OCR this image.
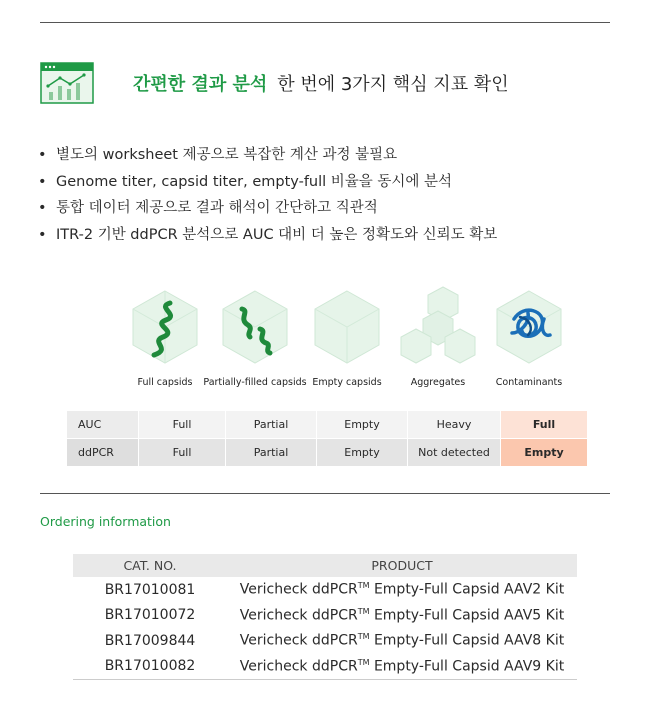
간편한 결과 분석 한 번에 3가지 핵심 지표 확인
• 별도의 worksheet 제공으로 복잡한 계산 과정 불필요
• Genome titer, capsid titer, empty-full 비율을 동시에 분석
• 통합 데이터 제공으로 결과 해석이 간단하고 직관적
• ITR-2 기반 ddPCR 분석으로 AUC 대비 더 높은 정확도와 신뢰도 확보
Full capsids	Partially-filled capsids Empty capsids	Aggregates	Contaminants
AUC	Full	Partial	Empty	Heavy	Full
ddPCR	Full	Partial	Empty	Not detected	Empty
Ordering information
CAT. NO.	PRODUCT
BR17010081	Vericheck ddPCR™ Empty-Full Capsid AAV2 Kit
BR17010072	Vericheck ddPCR™ Empty-Full Capsid AAV5 Kit
BR17009844	Vericheck ddPCR™ Empty-Full Capsid AAV8 Kit
BR17010082	Vericheck ddPCR™ Empty-Full Capsid AAV9 Kit
